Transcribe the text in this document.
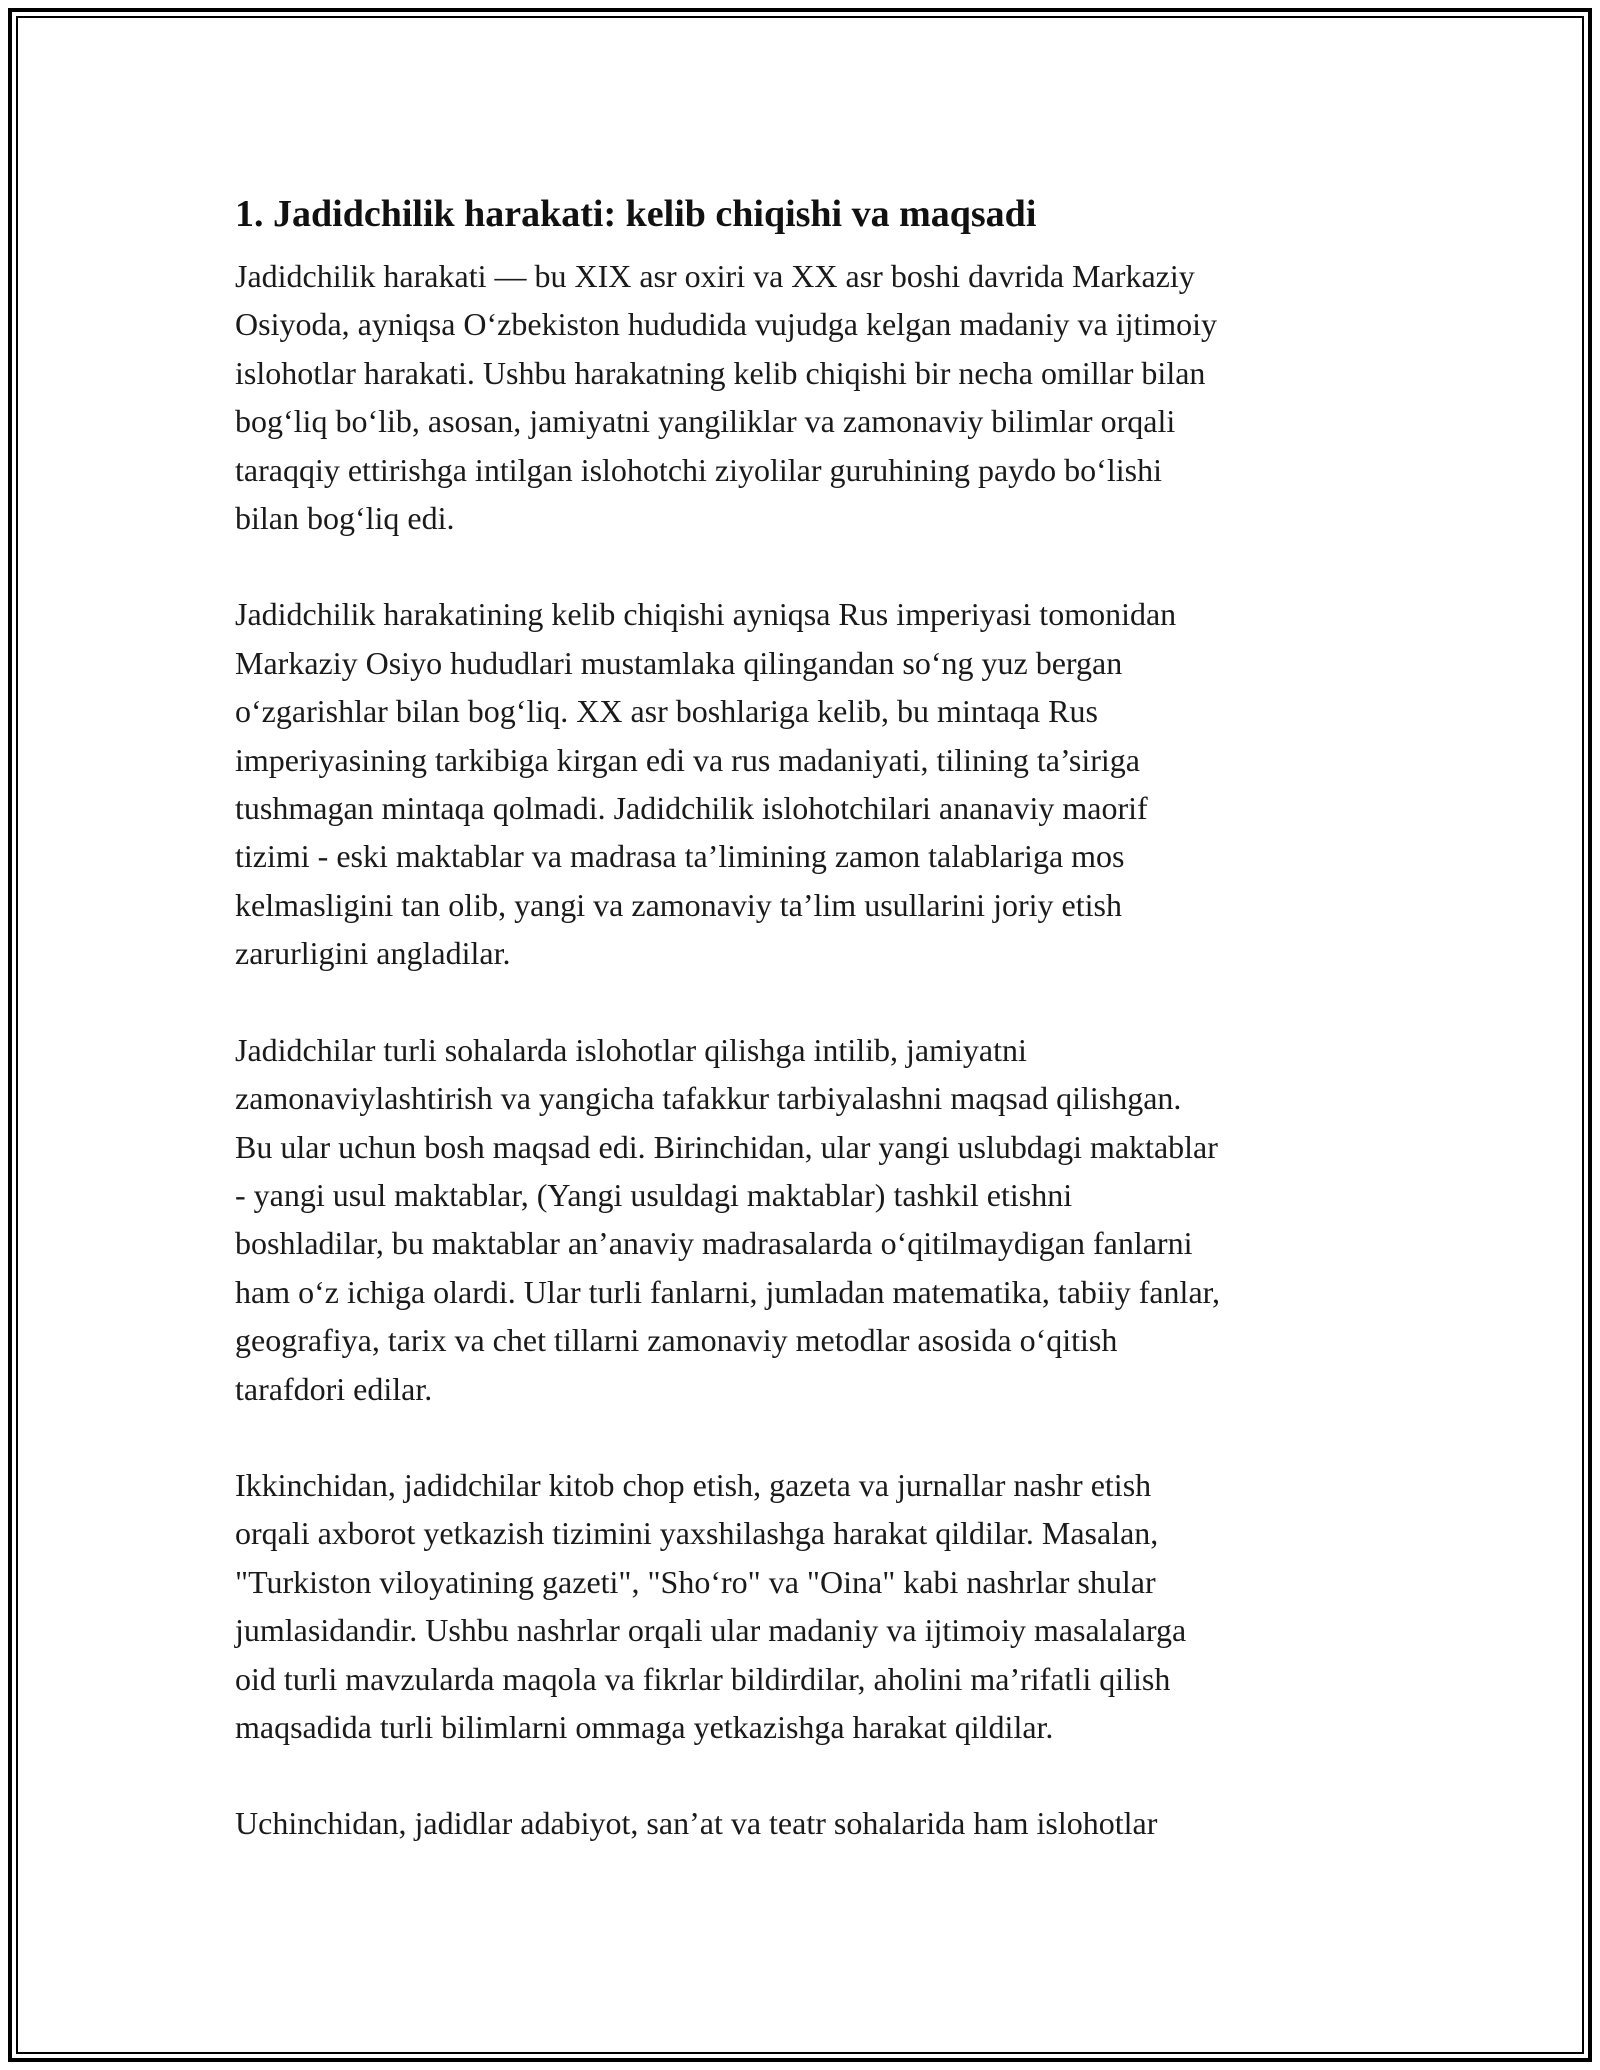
1. Jadidchilik harakati: kelib chiqishi va maqsadi

Jadidchilik harakati — bu XIX asr oxiri va XX asr boshi davrida Markaziy
Osiyoda, ayniqsa O‘zbekiston hududida vujudga kelgan madaniy va ijtimoiy
islohotlar harakati. Ushbu harakatning kelib chiqishi bir necha omillar bilan
bog‘liq bo‘lib, asosan, jamiyatni yangiliklar va zamonaviy bilimlar orqali
taraqqiy ettirishga intilgan islohotchi ziyolilar guruhining paydo bo‘lishi
bilan bog‘liq edi.

Jadidchilik harakatining kelib chiqishi ayniqsa Rus imperiyasi tomonidan
Markaziy Osiyo hududlari mustamlaka qilingandan so‘ng yuz bergan
o‘zgarishlar bilan bog‘liq. XX asr boshlariga kelib, bu mintaqa Rus
imperiyasining tarkibiga kirgan edi va rus madaniyati, tilining ta’siriga
tushmagan mintaqa qolmadi. Jadidchilik islohotchilari ananaviy maorif
tizimi - eski maktablar va madrasa ta’limining zamon talablariga mos
kelmasligini tan olib, yangi va zamonaviy ta’lim usullarini joriy etish
zarurligini angladilar.

Jadidchilar turli sohalarda islohotlar qilishga intilib, jamiyatni
zamonaviylashtirish va yangicha tafakkur tarbiyalashni maqsad qilishgan.
Bu ular uchun bosh maqsad edi. Birinchidan, ular yangi uslubdagi maktablar
- yangi usul maktablar, (Yangi usuldagi maktablar) tashkil etishni
boshladilar, bu maktablar an’anaviy madrasalarda o‘qitilmaydigan fanlarni
ham o‘z ichiga olardi. Ular turli fanlarni, jumladan matematika, tabiiy fanlar,
geografiya, tarix va chet tillarni zamonaviy metodlar asosida o‘qitish
tarafdori edilar.

Ikkinchidan, jadidchilar kitob chop etish, gazeta va jurnallar nashr etish
orqali axborot yetkazish tizimini yaxshilashga harakat qildilar. Masalan,
"Turkiston viloyatining gazeti", "Sho‘ro" va "Oina" kabi nashrlar shular
jumlasidandir. Ushbu nashrlar orqali ular madaniy va ijtimoiy masalalarga
oid turli mavzularda maqola va fikrlar bildirdilar, aholini ma’rifatli qilish
maqsadida turli bilimlarni ommaga yetkazishga harakat qildilar.

Uchinchidan, jadidlar adabiyot, san’at va teatr sohalarida ham islohotlar
